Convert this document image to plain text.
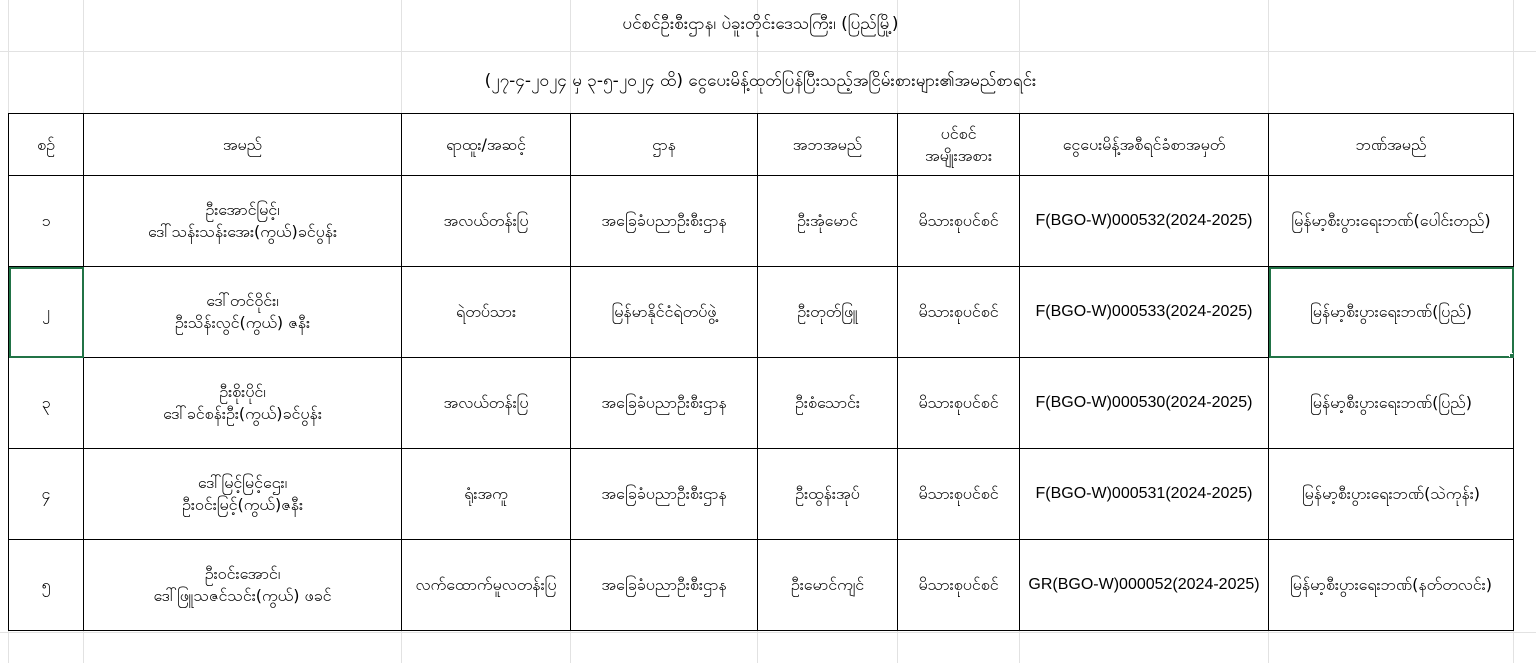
ပင်စင်ဦးစီးဌာန၊ ပဲခူးတိုင်းဒေသကြီး၊ (ပြည်မြို့)
(၂၇-၄-၂၀၂၄ မှ ၃-၅-၂၀၂၄ ထိ) ငွေပေးမိန့်ထုတ်ပြန်ပြီးသည့်အငြိမ်းစားများ၏အမည်စာရင်း
စဉ်	အမည်	ရာထူး/အဆင့်	ဌာန	အဘအမည်	ပင်စင်
အမျိုးအစား	ငွေပေးမိန့်အစီရင်ခံစာအမှတ်	ဘဏ်အမည်
၁	ဦးအောင်မြင့်၊
ဒေါ်သန်းသန်းအေး(ကွယ်)ခင်ပွန်း	အလယ်တန်းပြ	အခြေခံပညာဦးစီးဌာန	ဦးအုံမောင်	မိသားစုပင်စင်	F(BGO-W)000532(2024-2025)	မြန်မာ့စီးပွားရေးဘဏ်(ပေါင်းတည်)
၂	ဒေါ်တင်ဝိုင်း၊
ဦးသိန်းလွင်(ကွယ်) ဇနီး	ရဲတပ်သား	မြန်မာနိုင်ငံရဲတပ်ဖွဲ့	ဦးတုတ်ဖြူ	မိသားစုပင်စင်	F(BGO-W)000533(2024-2025)	မြန်မာ့စီးပွားရေးဘဏ်(ပြည်)

၃	ဦးစိုးပိုင်၊
ဒေါ်ခင်စန်းဦး(ကွယ်)ခင်ပွန်း	အလယ်တန်းပြ	အခြေခံပညာဦးစီးဌာန	ဦးစံသောင်း	မိသားစုပင်စင်	F(BGO-W)000530(2024-2025)	မြန်မာ့စီးပွားရေးဘဏ်(ပြည်)
၄	ဒေါ်မြင့်မြင့်ဌေး၊
ဦးဝင်းမြင့်(ကွယ်)ဇနီး	ရုံးအကူ	အခြေခံပညာဦးစီးဌာန	ဦးထွန်းအုပ်	မိသားစုပင်စင်	F(BGO-W)000531(2024-2025)	မြန်မာ့စီးပွားရေးဘဏ်(သဲကုန်း)
၅	ဦးဝင်းအောင်၊
ဒေါ်ဖြူသဇင်သင်း(ကွယ်) ဖခင်	လက်ထောက်မူလတန်းပြ	အခြေခံပညာဦးစီးဌာန	ဦးမောင်ကျင်	မိသားစုပင်စင်	GR(BGO-W)000052(2024-2025)	မြန်မာ့စီးပွားရေးဘဏ်(နတ်တလင်း)
